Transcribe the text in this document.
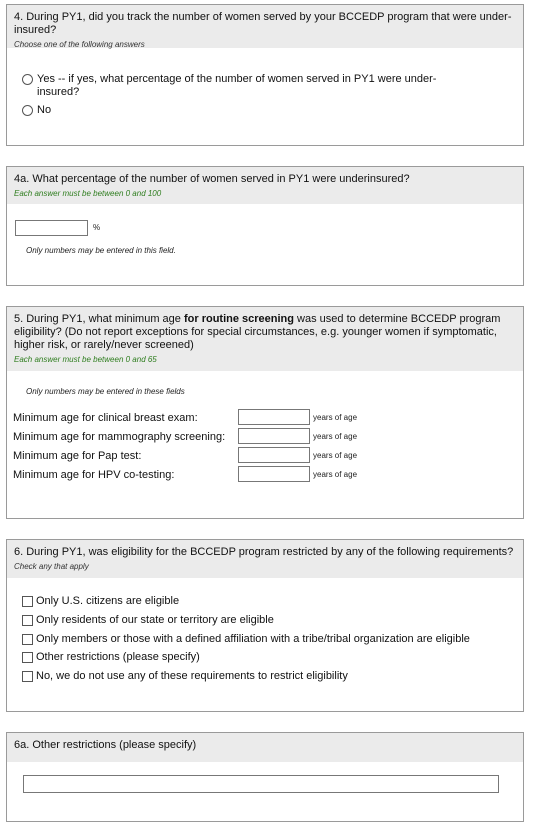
4. During PY1, did you track the number of women served by your BCCEDP program that were under-insured?
Choose one of the following answers
Yes -- if yes, what percentage of the number of women served in PY1 were under-
insured?
No
4a. What percentage of the number of women served in PY1 were underinsured?
Each answer must be between 0 and 100
%
Only numbers may be entered in this field.
5. During PY1, what minimum age for routine screening was used to determine BCCEDP program eligibility? (Do not report exceptions for special circumstances, e.g. younger women if symptomatic, higher risk, or rarely/never screened)
Each answer must be between 0 and 65
Only numbers may be entered in these fields
Minimum age for clinical breast exam:	years of age
Minimum age for mammography screening:	years of age
Minimum age for Pap test:	years of age
Minimum age for HPV co-testing:	years of age
6. During PY1, was eligibility for the BCCEDP program restricted by any of the following requirements?
Check any that apply
Only U.S. citizens are eligible
Only residents of our state or territory are eligible
Only members or those with a defined affiliation with a tribe/tribal organization are eligible
Other restrictions (please specify)
No, we do not use any of these requirements to restrict eligibility
6a. Other restrictions (please specify)
